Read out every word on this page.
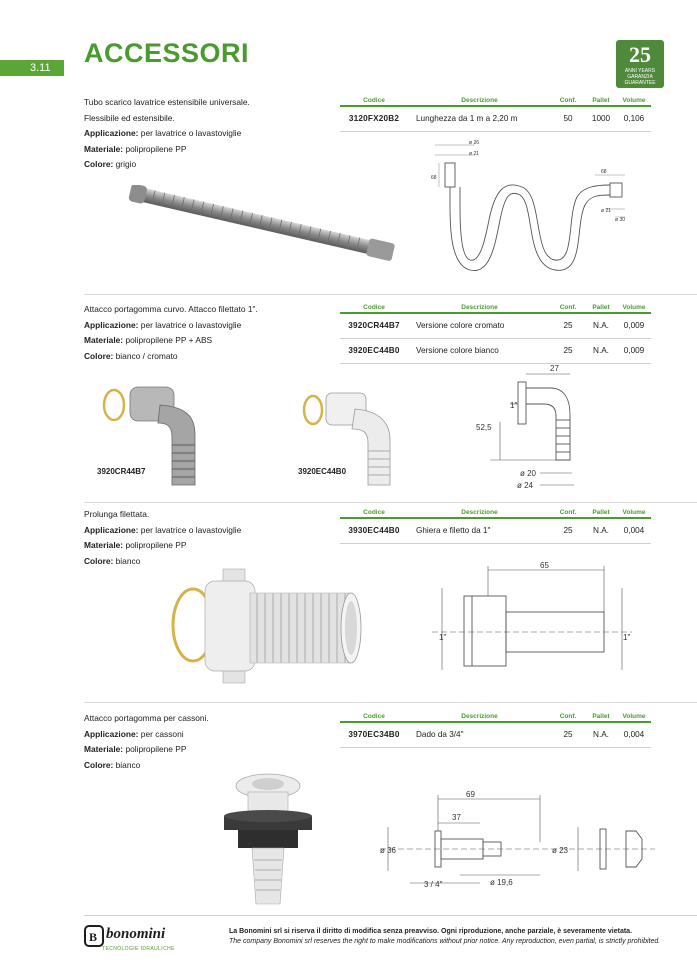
3.11	ACCESSORI	25
ANNI YEARS
GARANZIA
GUARANTEE
Tubo scarico lavatrice estensibile universale.
Flessibile ed estensibile.
Applicazione: per lavatrice o lavastoviglie
Materiale: polipropilene PP
Colore: grigio
Codice	Descrizione	Conf.	Pallet	Volume
3120FX20B2	Lunghezza da 1 m a 2,20 m	50	1000	0,106
ø 26
ø 21
68
68
ø 21
ø 30
Attacco portagomma curvo. Attacco filettato 1".
Applicazione: per lavatrice o lavastoviglie
Materiale: polipropilene PP + ABS
Colore: bianco / cromato
Codice	Descrizione	Conf.	Pallet	Volume
3920CR44B7	Versione colore cromato	25	N.A.	0,009
3920EC44B0	Versione colore bianco	25	N.A.	0,009
3920CR44B7	3920EC44B0
27
1"
52,5
ø 20
ø 24
Prolunga filettata.
Applicazione: per lavatrice o lavastoviglie
Materiale: polipropilene PP
Colore: bianco
Codice	Descrizione	Conf.	Pallet	Volume
3930EC44B0	Ghiera e filetto da 1"	25	N.A.	0,004
65
1"	1"
Attacco portagomma per cassoni.
Applicazione: per cassoni
Materiale: polipropilene PP
Colore: bianco
Codice	Descrizione	Conf.	Pallet	Volume
3970EC34B0	Dado da 3/4"	25	N.A.	0,004
69
37
ø 36	ø 23
3 / 4"	ø 19,6
B bonomini
TECNOLOGIE IDRAULICHE
La Bonomini srl si riserva il diritto di modifica senza preavviso. Ogni riproduzione, anche parziale, è severamente vietata.
The company Bonomini srl reserves the right to make modifications without prior notice. Any reproduction, even partial, is strictly prohibited.
